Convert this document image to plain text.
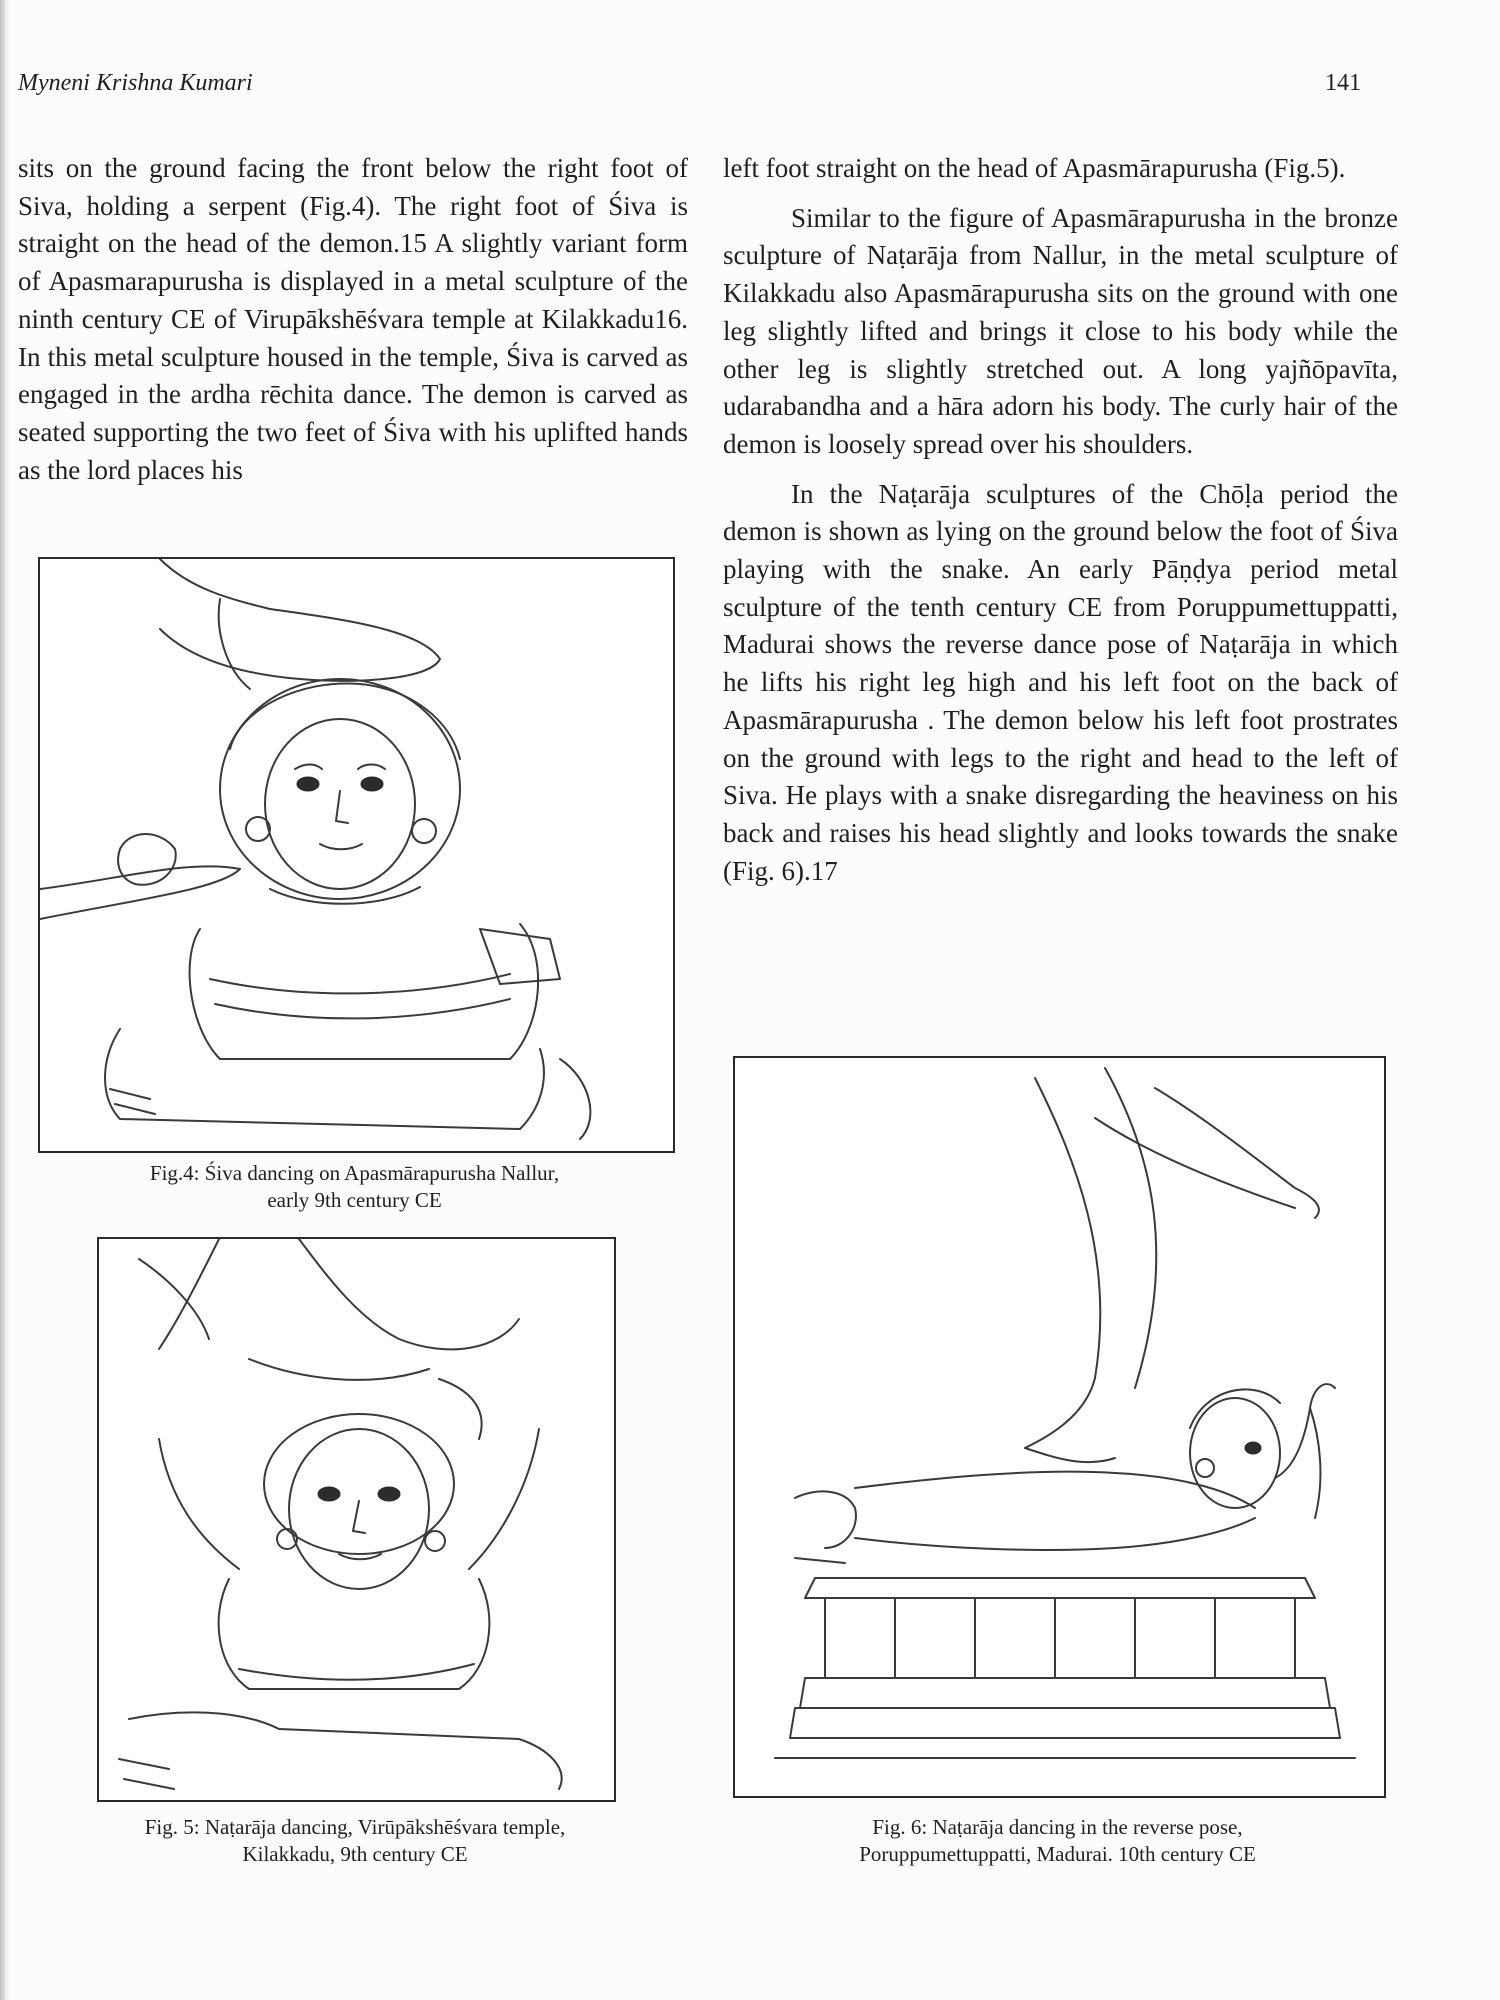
Myneni Krishna Kumari	141

sits on the ground facing the front below the right foot of Siva, holding a serpent (Fig.4). The right foot of Śiva is straight on the head of the demon.15 A slightly variant form of Apasmarapurusha is displayed in a metal sculpture of the ninth century CE of Virupākshēśvara temple at Kilakkadu16. In this metal sculpture housed in the temple, Śiva is carved as engaged in the ardha rēchita dance. The demon is carved as seated supporting the two feet of Śiva with his uplifted hands as the lord places his

left foot straight on the head of Apasmārapurusha (Fig.5).

Similar to the figure of Apasmārapurusha in the bronze sculpture of Naṭarāja from Nallur, in the metal sculpture of Kilakkadu also Apasmārapurusha sits on the ground with one leg slightly lifted and brings it close to his body while the other leg is slightly stretched out. A long yajñōpavīta, udarabandha and a hāra adorn his body. The curly hair of the demon is loosely spread over his shoulders.

In the Naṭarāja sculptures of the Chōḷa period the demon is shown as lying on the ground below the foot of Śiva playing with the snake. An early Pāṇḍya period metal sculpture of the tenth century CE from Poruppumettuppatti, Madurai shows the reverse dance pose of Naṭarāja in which he lifts his right leg high and his left foot on the back of Apasmārapurusha . The demon below his left foot prostrates on the ground with legs to the right and head to the left of Siva. He plays with a snake disregarding the heaviness on his back and raises his head slightly and looks towards the snake (Fig. 6).17

Fig.4: Śiva dancing on Apasmārapurusha Nallur,
early 9th century CE
Fig. 5: Naṭarāja dancing, Virūpākshēśvara temple,
Kilakkadu, 9th century CE
Fig. 6: Naṭarāja dancing in the reverse pose,
Poruppumettuppatti, Madurai. 10th century CE
